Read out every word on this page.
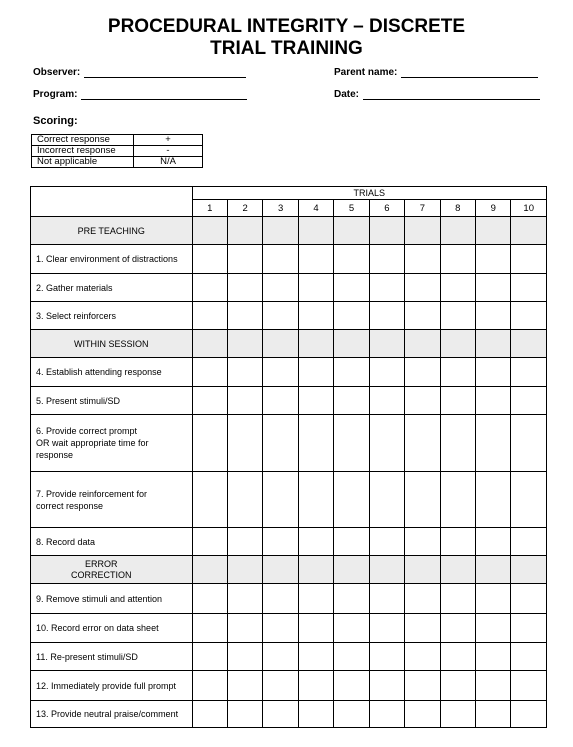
PROCEDURAL INTEGRITY – DISCRETE
TRIAL TRAINING
Observer:	Parent name:
Program:	Date:
Scoring:
Correct response	+
Incorrect response	-
Not applicable	N/A
	TRIALS									
	1	2	3	4	5	6	7	8	9	10
PRE TEACHING										
1. Clear environment of distractions										
2. Gather materials										
3. Select reinforcers										
WITHIN SESSION										
4. Establish attending response										
5. Present stimuli/SD										
6. Provide correct prompt OR wait appropriate time for response										
7. Provide reinforcement for correct response										
8. Record data										
ERROR CORRECTION										
9. Remove stimuli and attention										
10. Record error on data sheet										
11. Re-present stimuli/SD										
12. Immediately provide full prompt										
13. Provide neutral praise/comment										
